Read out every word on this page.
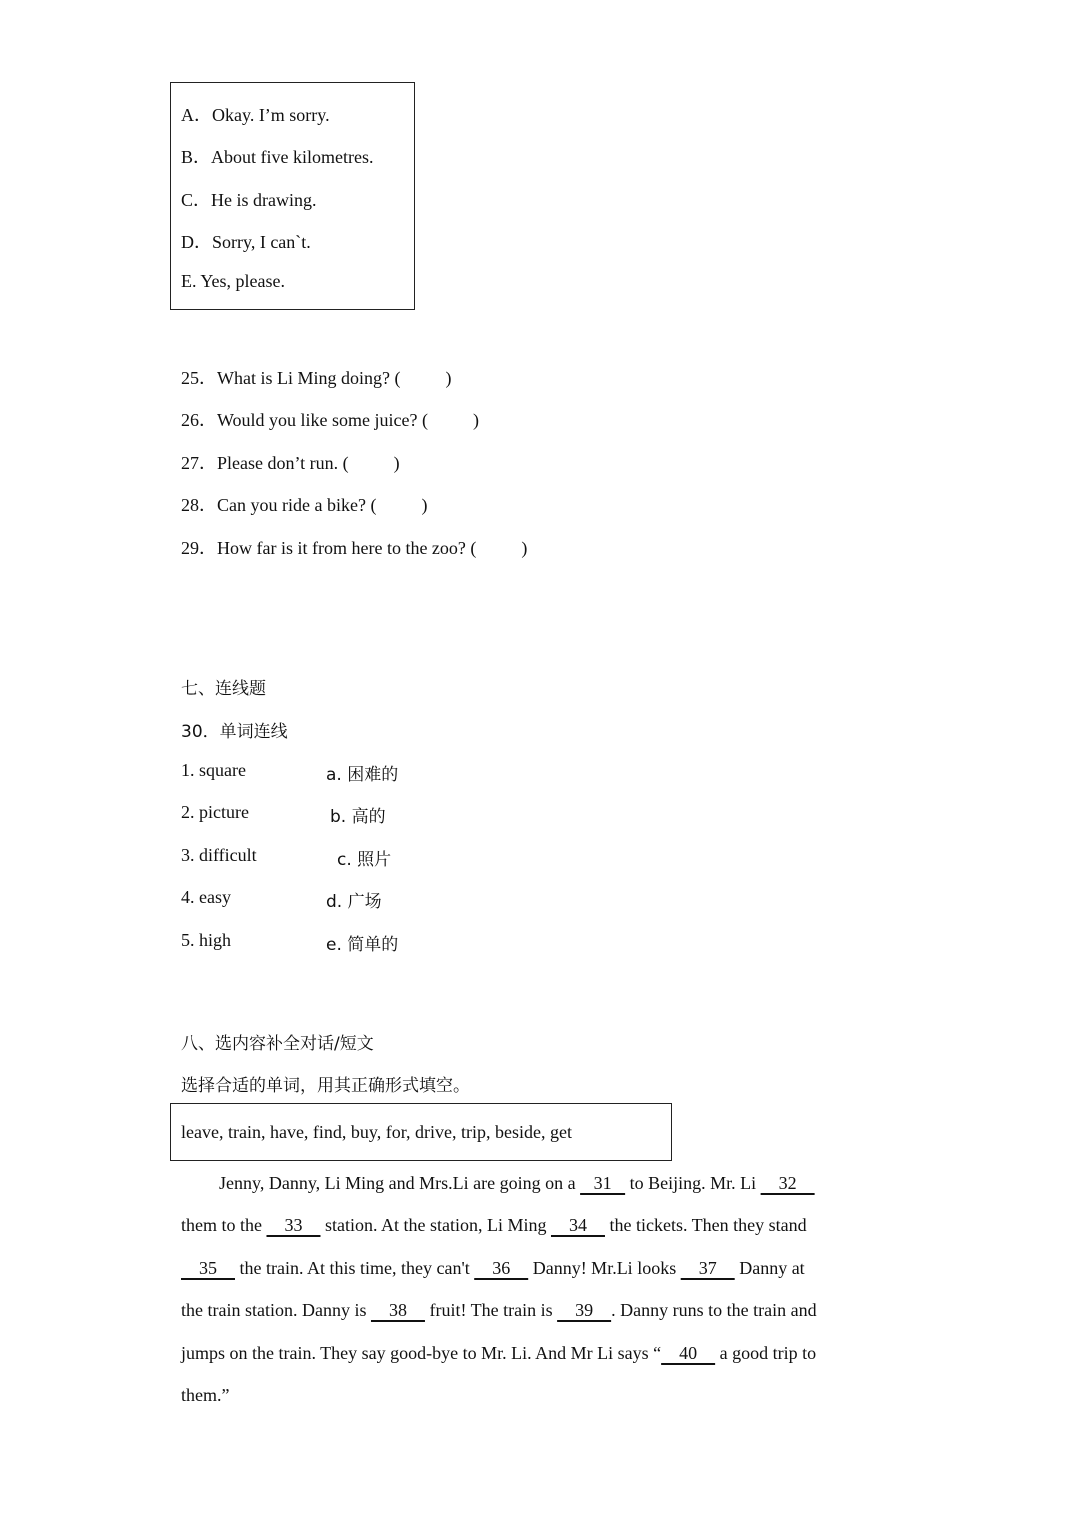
A．Okay. I’m sorry.
B．About five kilometres.
C．He is drawing.
D．Sorry, I can`t.
E. Yes, please.
25．What is Li Ming doing? (          )
26．Would you like some juice? (          )
27．Please don’t run. (          )
28．Can you ride a bike? (          )
29．How far is it from here to the zoo? (          )
七、连线题
30．单词连线
1. square
2. picture
3. difficult
4. easy
5. high
a. 困难的
b. 高的
c. 照片
d. 广场
e. 简单的
八、选内容补全对话/短文
选择合适的单词，用其正确形式填空。
leave, train, have, find, buy, for, drive, trip, beside, get
Jenny, Danny, Li Ming and Mrs.Li are going on a    31    to Beijing. Mr. Li     32
them to the     33     station. At the station, Li Ming     34     the tickets. Then they stand
35     the train. At this time, they can't     36     Danny! Mr.Li looks     37     Danny at
the train station. Danny is     38     fruit! The train is     39    . Danny runs to the train and
jumps on the train. They say good-bye to Mr. Li. And Mr Li says “    40     a good trip to
them.”
